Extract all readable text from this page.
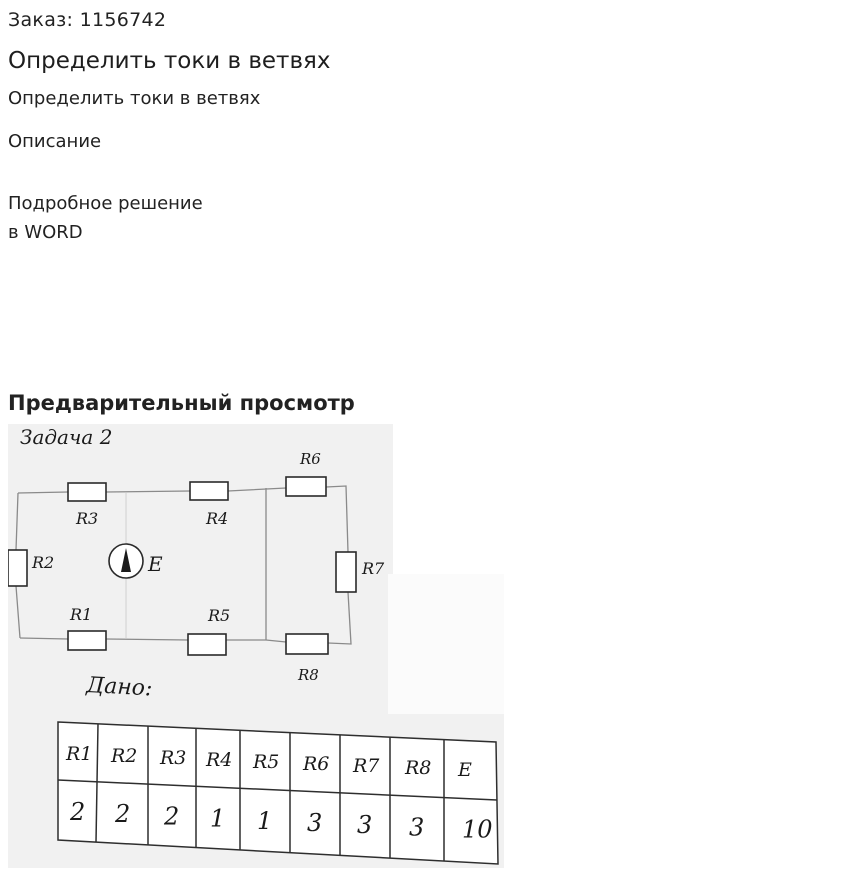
Заказ: 1156742
Определить токи в ветвях
Определить токи в ветвях
Описание
Подробное решение
в WORD
Предварительный просмотр
Задача 2
R3	R4
R6
R2	E	R7
R1	R5
R8
Дано:
R1 R2 R3 R4 R5 R6 R7 R8 E
2 2 2 1 1 3 3 3 10
